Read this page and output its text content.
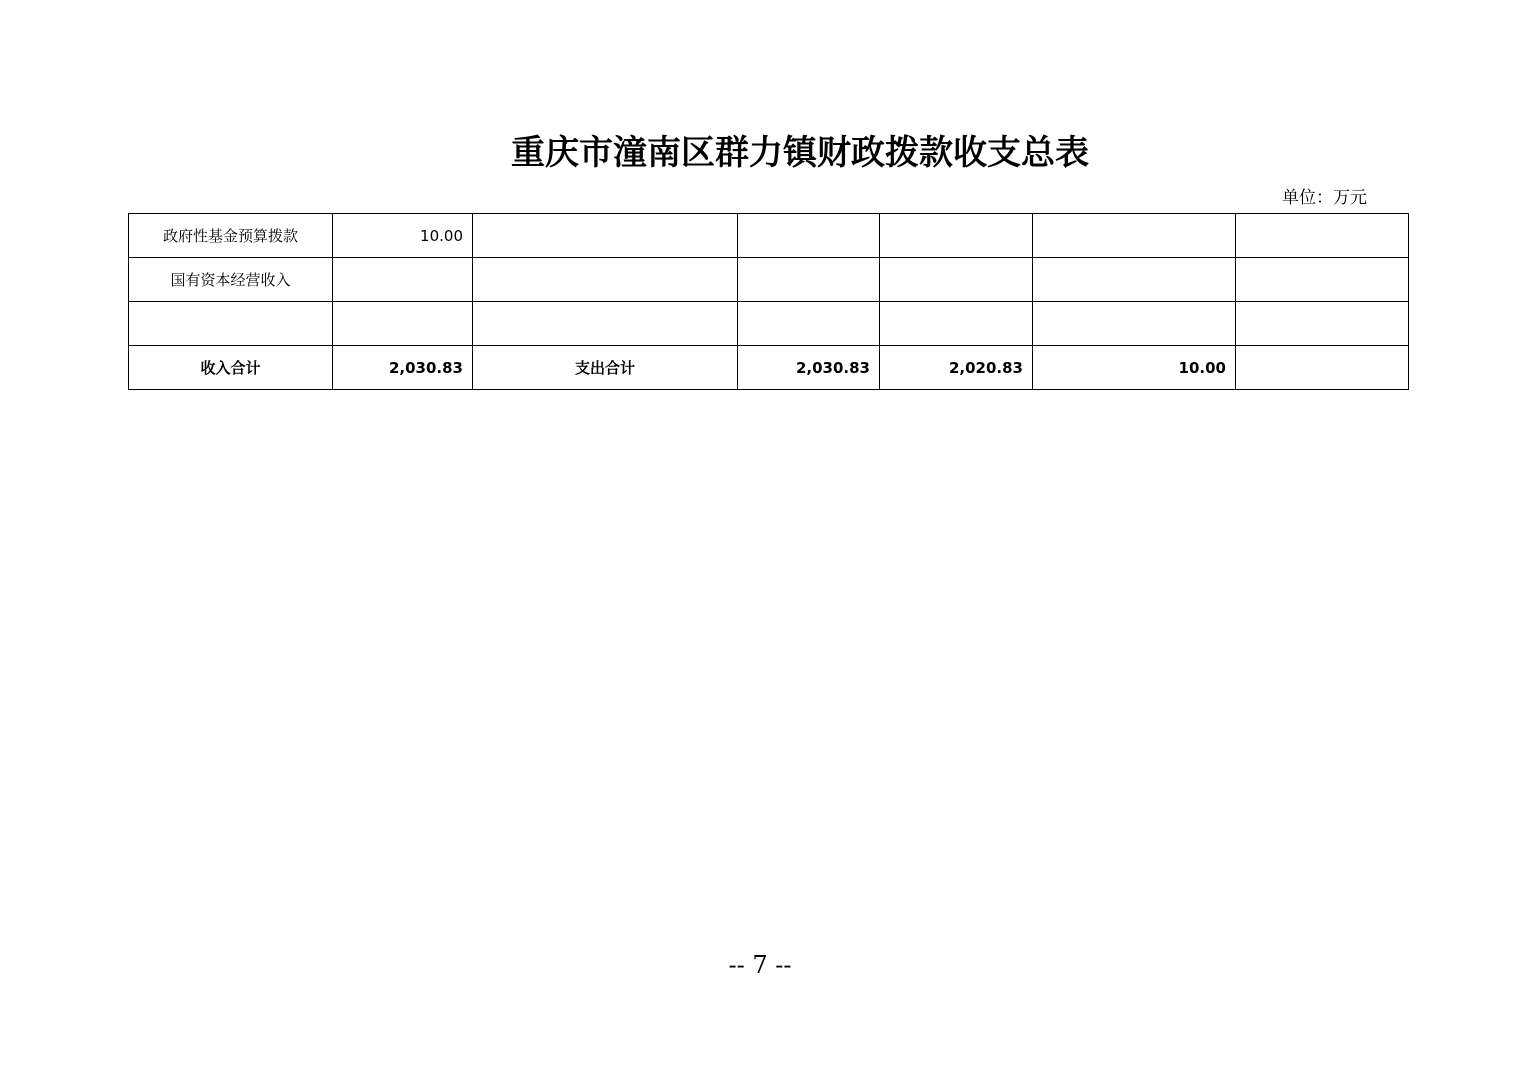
重庆市潼南区群力镇财政拨款收支总表
单位：万元
政府性基金预算拨款	10.00					
国有资本经营收入						

收入合计	2,030.83	支出合计	2,030.83	2,020.83	10.00	
-- 7 --
